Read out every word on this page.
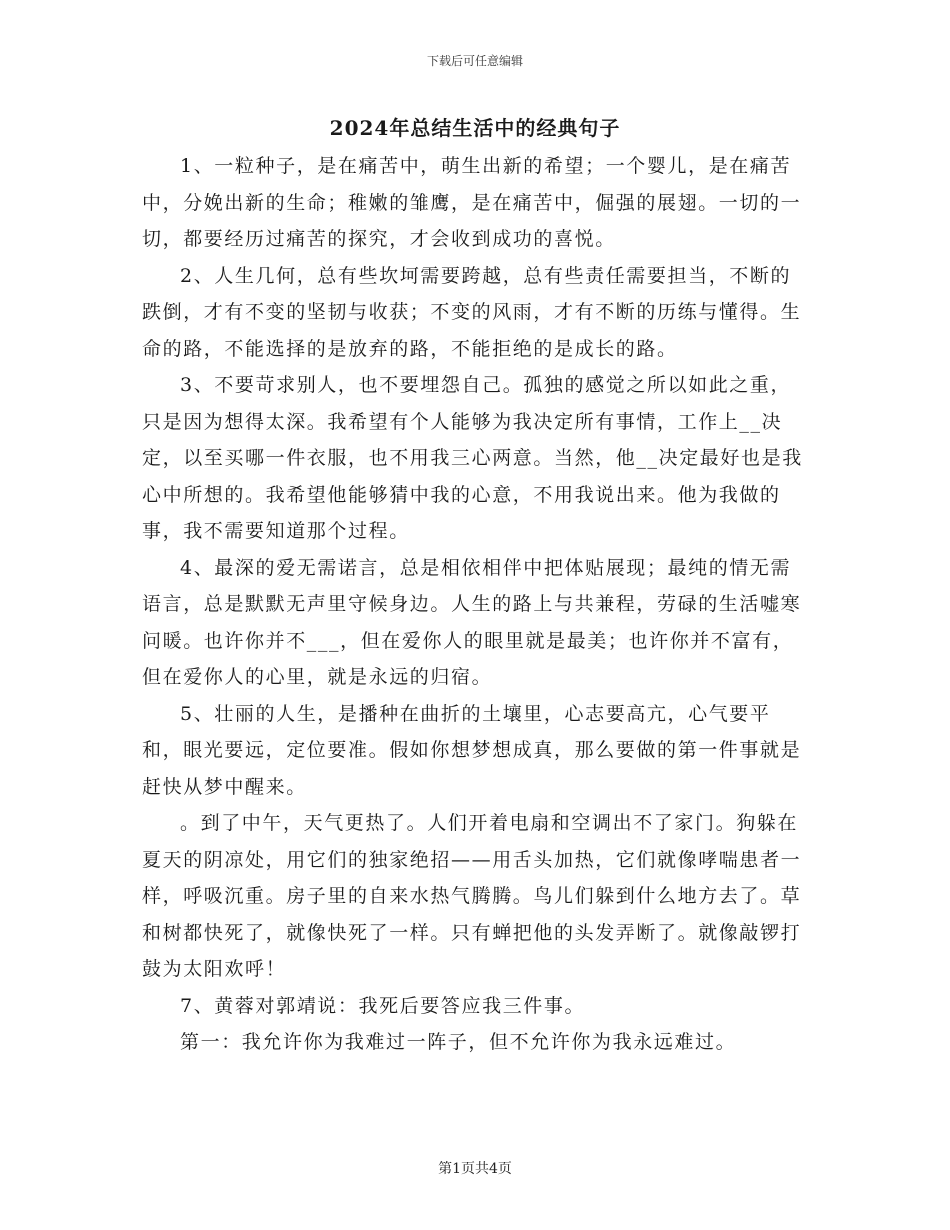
下载后可任意编辑
2024年总结生活中的经典句子

1、一粒种子，是在痛苦中，萌生出新的希望；一个婴儿，是在痛苦中，分娩出新的生命；稚嫩的雏鹰，是在痛苦中，倔强的展翅。一切的一切，都要经历过痛苦的探究，才会收到成功的喜悦。

2、人生几何，总有些坎坷需要跨越，总有些责任需要担当，不断的跌倒，才有不变的坚韧与收获；不变的风雨，才有不断的历练与懂得。生命的路，不能选择的是放弃的路，不能拒绝的是成长的路。

3、不要苛求别人，也不要埋怨自己。孤独的感觉之所以如此之重，只是因为想得太深。我希望有个人能够为我决定所有事情，工作上__决定，以至买哪一件衣服，也不用我三心两意。当然，他__决定最好也是我心中所想的。我希望他能够猜中我的心意，不用我说出来。他为我做的事，我不需要知道那个过程。

4、最深的爱无需诺言，总是相依相伴中把体贴展现；最纯的情无需语言，总是默默无声里守候身边。人生的路上与共兼程，劳碌的生活嘘寒问暖。也许你并不___，但在爱你人的眼里就是最美；也许你并不富有，但在爱你人的心里，就是永远的归宿。

5、壮丽的人生，是播种在曲折的土壤里，心志要高亢，心气要平和，眼光要远，定位要准。假如你想梦想成真，那么要做的第一件事就是赶快从梦中醒来。

。到了中午，天气更热了。人们开着电扇和空调出不了家门。狗躲在夏天的阴凉处，用它们的独家绝招——用舌头加热，它们就像哮喘患者一样，呼吸沉重。房子里的自来水热气腾腾。鸟儿们躲到什么地方去了。草和树都快死了，就像快死了一样。只有蝉把他的头发弄断了。就像敲锣打鼓为太阳欢呼！

7、黄蓉对郭靖说：我死后要答应我三件事。

第一：我允许你为我难过一阵子，但不允许你为我永远难过。

第1页共4页
